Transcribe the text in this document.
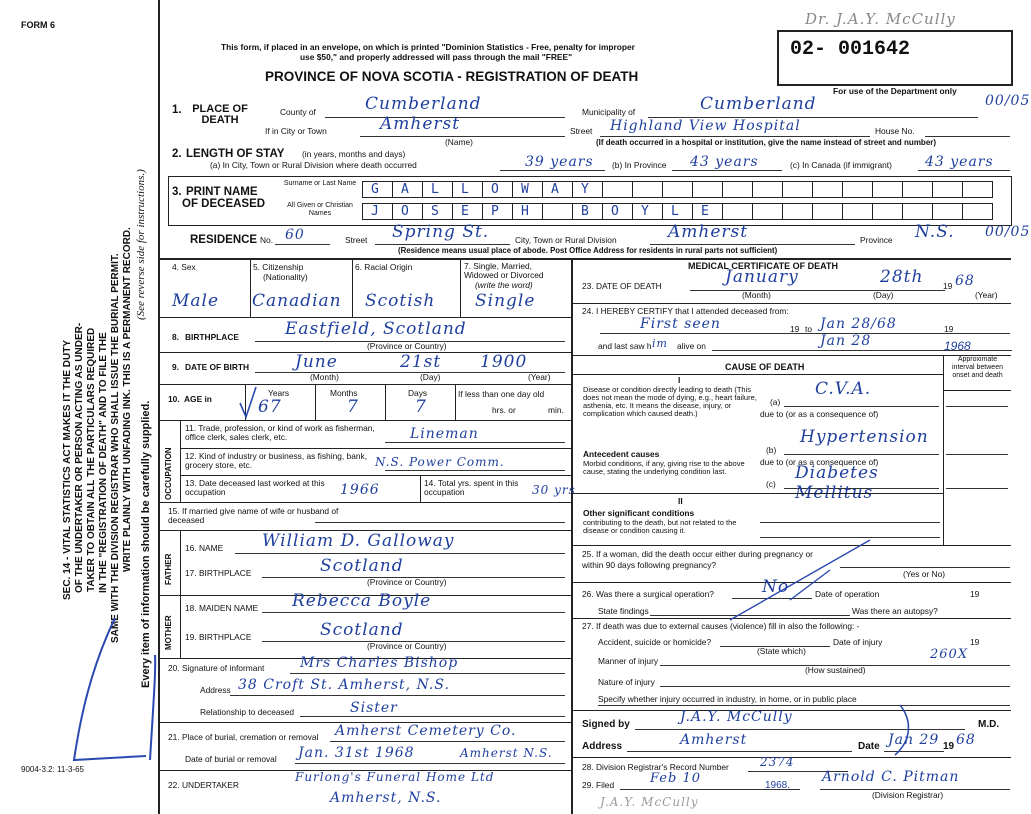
FORM 6
This form, if placed in an envelope, on which is printed "Dominion Statistics - Free, penalty for improper
use $50," and properly addressed will pass through the mail "FREE"
PROVINCE OF NOVA SCOTIA - REGISTRATION OF DEATH
02- 001642
For use of the Department only
Dr. J.A.Y. McCully
SEC. 14 - VITAL STATISTICS ACT MAKES IT THE DUTY OF THE UNDERTAKER OR PERSON ACTING AS UNDER- TAKER TO OBTAIN ALL THE PARTICULARS REQUIRED IN THE "REGISTRATION OF DEATH" AND TO FILE THE SAME WITH THE DIVISION REGISTRAR WHO SHALL ISSUE THE BURIAL PERMIT. WRITE PLAINLY WITH UNFADING INK. THIS IS A PERMANENT RECORD. (See reverse side for instructions.)
Every item of information should be carefully supplied.
9004-3.2: 11-3-65
1. PLACE OF DEATH
County of	Cumberland	Municipality of	Cumberland	00/05
If in City or Town	Amherst
(Name)
Street Highland View Hospital	House No.
(If death occurred in a hospital or institution, give the name instead of street and number)
2. LENGTH OF STAY (in years, months and days)
(a) In City, Town or Rural Division where death occurred	39 years (b) In Province 43 years	(c) In Canada (if immigrant) 43 years
3. PRINT NAME
OF DECEASED
Surname or Last Name
All Given or Christian Names
G A L L O W A Y
J O S E P H	B O Y L E
RESIDENCE No. 60	Street Spring St.	City, Town or Rural Division	Amherst	Province N.S. 00/05
(Residence means usual place of abode. Post Office Address for residents in rural parts not sufficient)
4. Sex	5. Citizenship
(Nationality)
6. Racial Origin	7. Single, Married, Widowed or Divorced
(write the word)
Male Canadian Scotish Single
8. BIRTHPLACE	Eastfield, Scotland
(Province or Country)
9. DATE OF BIRTH	June	21st 1900
(Month)	(Day)	(Year)
10. AGE in
Years	Months	Days
67	7	7
If less than one day old
hrs. or	min.
OCCUPATION
11. Trade, profession, or kind of work as fisherman, office clerk, sales clerk, etc.	Lineman
12. Kind of industry or business, as fishing, bank, grocery store, etc.	N.S. Power Comm.
13. Date deceased last worked at this occupation	1966	14. Total yrs. spent in this occupation	30 yrs
15. If married give name of wife or husband of deceased
FATHER
16. NAME William D. Galloway
17. BIRTHPLACE	Scotland
(Province or Country)
MOTHER
18. MAIDEN NAME Rebecca Boyle
19. BIRTHPLACE	Scotland
(Province or Country)
20. Signature of informant	Mrs Charles Bishop
Address 38 Croft St. Amherst, N.S.
Relationship to deceased	Sister
21. Place of burial, cremation or removal Amherst Cemetery Co.
Date of burial or removal Jan. 31st 1968	Amherst N.S.
22. UNDERTAKER
Furlong's Funeral Home Ltd
Amherst, N.S.
MEDICAL CERTIFICATE OF DEATH
23. DATE OF DEATH	January	28th 19 68
(Month)	(Day)	(Year)
24. I HEREBY CERTIFY that I attended deceased from:
First seen	19 to Jan 28/68	19
and last saw h im alive on	Jan 28	1968
CAUSE OF DEATH
Approximate interval between onset and death
I
Disease or condition directly leading to death (This does not mean the mode of dying, e.g., heart failure, asthenia, etc. It means the disease, injury, or complication which caused death.)
(a)
C.V.A.
due to (or as a consequence of)
Antecedent causes
Morbid conditions, if any, giving rise to the above cause, stating the underlying condition last.
(b)
Hypertension
due to (or as a consequence of)
(c)
Diabetes Mellitus
II
Other significant conditions
contributing to the death, but not related to the disease or condition causing it.
25. If a woman, did the death occur either during pregnancy or within 90 days following pregnancy?
(Yes or No)
26. Was there a surgical operation?	No	Date of operation	19
State findings	Was there an autopsy?
27. If death was due to external causes (violence) fill in also the following: -
Accident, suicide or homicide?	Date of injury	19
(State which)
Manner of injury	260X
(How sustained)
Nature of injury
Specify whether injury occurred in industry, in home, or in public place
Signed by	J.A.Y. McCully	M.D.
Address	Amherst	Date Jan 29 19 68
28. Division Registrar's Record Number	2374
29. Filed	Feb 10	1968.
Arnold C. Pitman
(Division Registrar)
J.A.Y. McCully
